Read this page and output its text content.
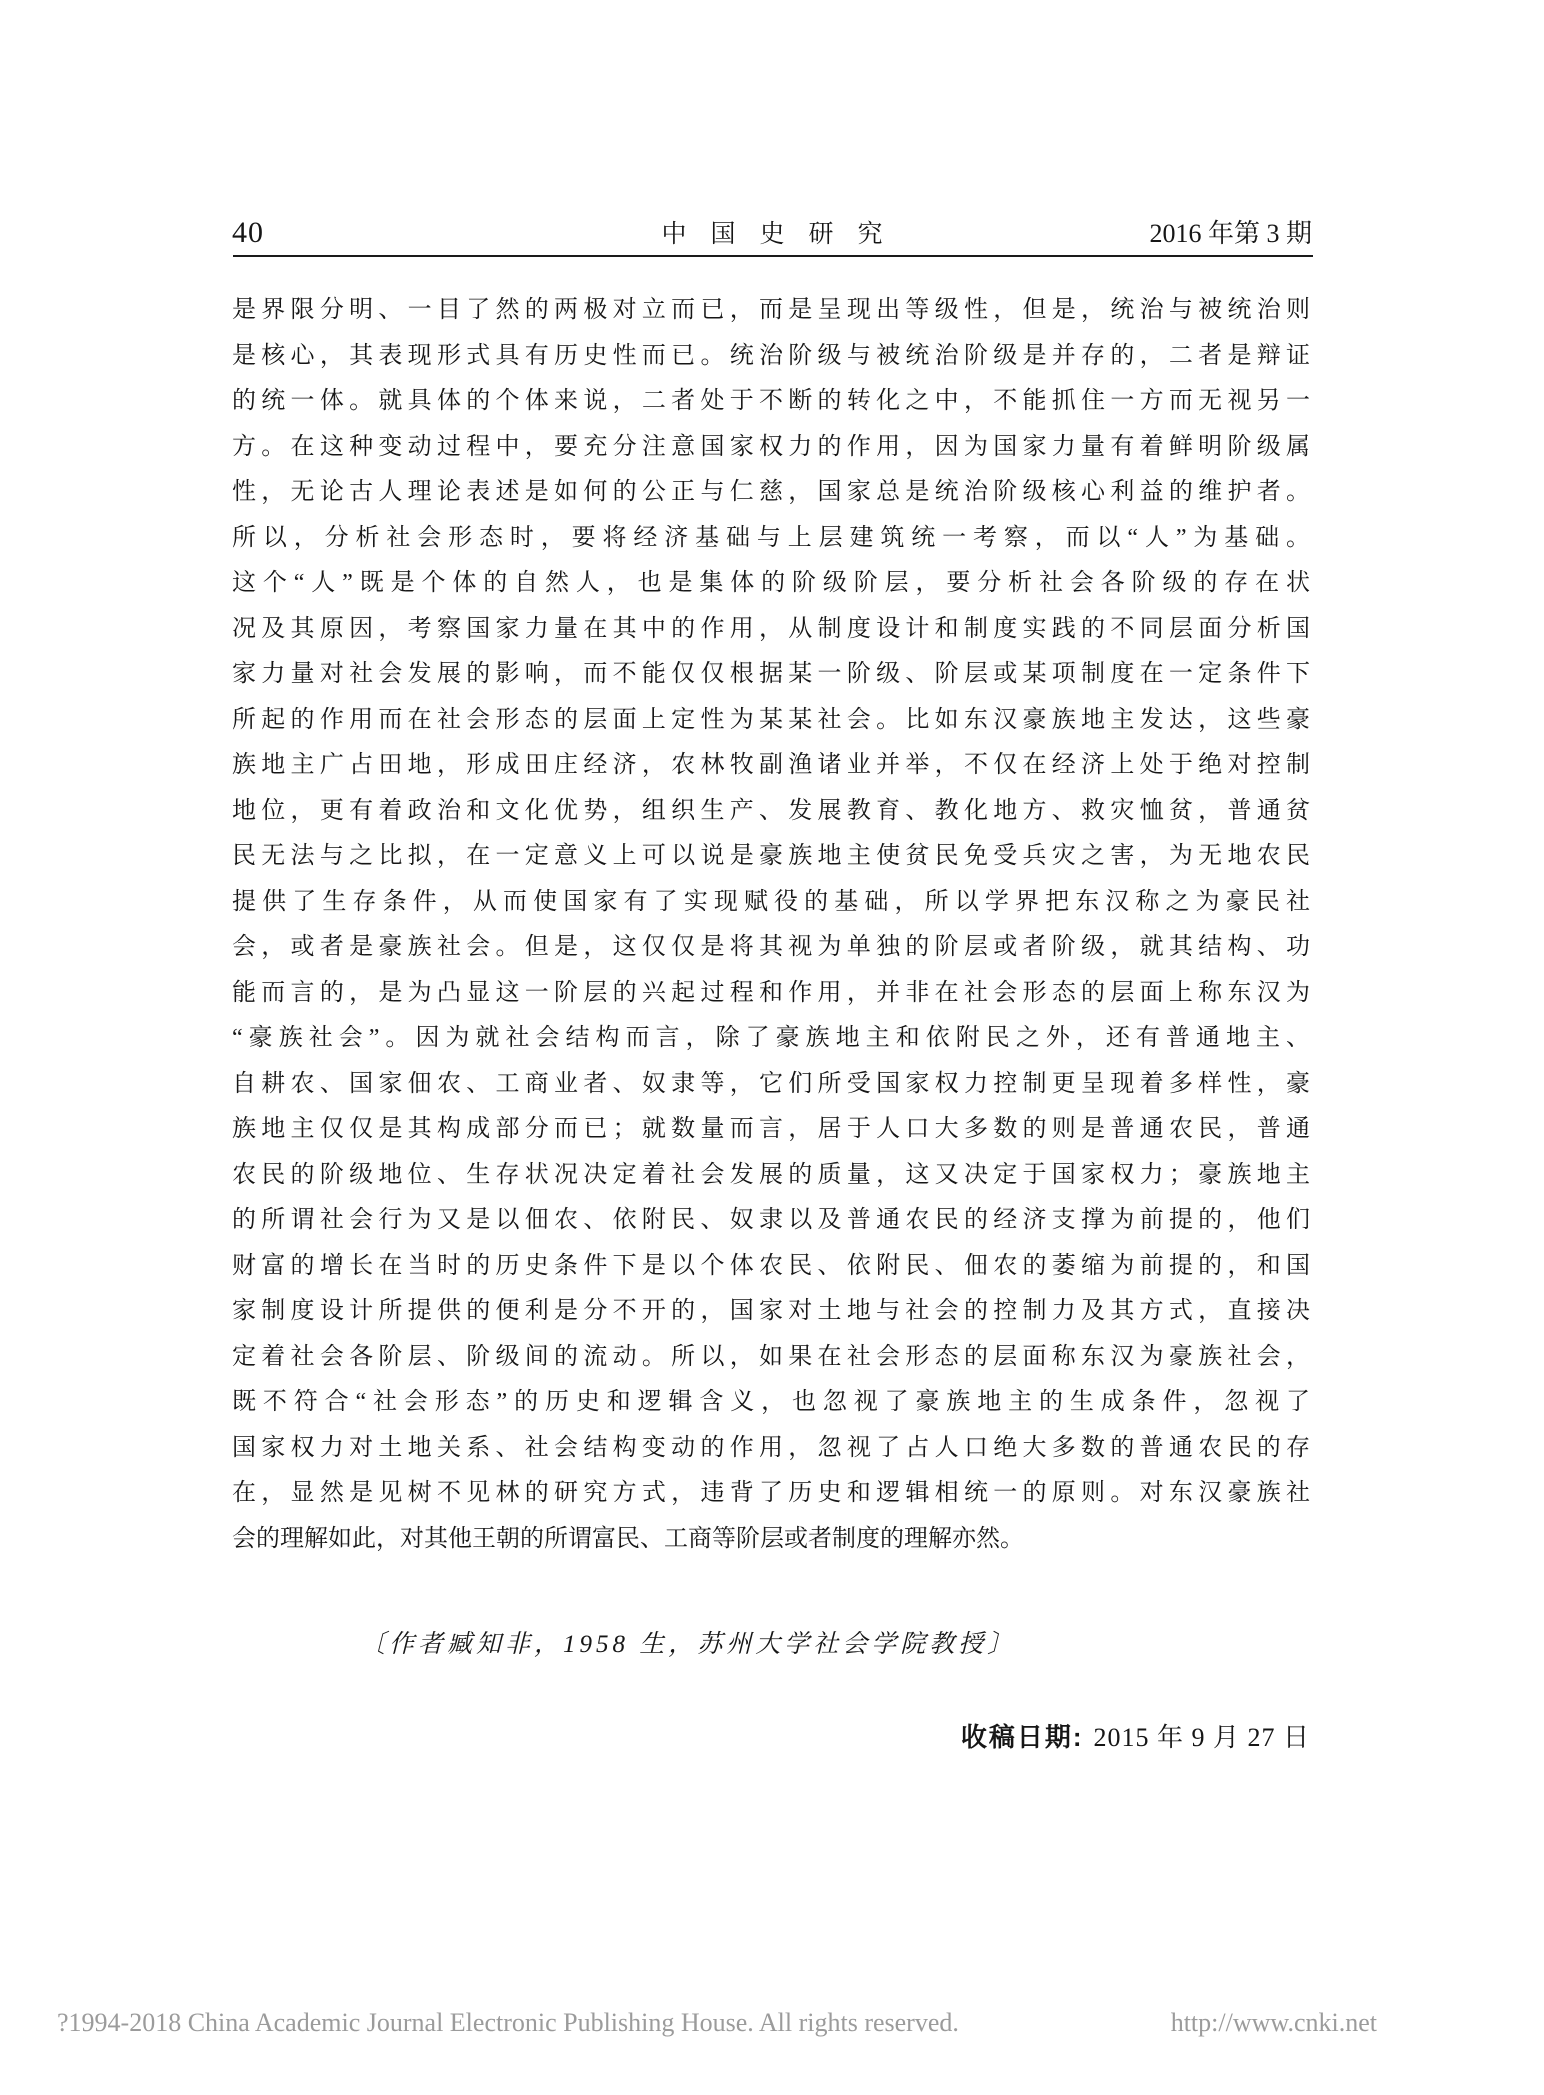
40	中国史研究	2016 年第 3 期
是界限分明、一目了然的两极对立而已，而是呈现出等级性，但是，统治与被统治则
是核心，其表现形式具有历史性而已。统治阶级与被统治阶级是并存的，二者是辩证
的统一体。就具体的个体来说，二者处于不断的转化之中，不能抓住一方而无视另一
方。在这种变动过程中，要充分注意国家权力的作用，因为国家力量有着鲜明阶级属
性，无论古人理论表述是如何的公正与仁慈，国家总是统治阶级核心利益的维护者。
所以，分析社会形态时，要将经济基础与上层建筑统一考察，而以“人”为基础。
这个“人”既是个体的自然人，也是集体的阶级阶层，要分析社会各阶级的存在状
况及其原因，考察国家力量在其中的作用，从制度设计和制度实践的不同层面分析国
家力量对社会发展的影响，而不能仅仅根据某一阶级、阶层或某项制度在一定条件下
所起的作用而在社会形态的层面上定性为某某社会。比如东汉豪族地主发达，这些豪
族地主广占田地，形成田庄经济，农林牧副渔诸业并举，不仅在经济上处于绝对控制
地位，更有着政治和文化优势，组织生产、发展教育、教化地方、救灾恤贫，普通贫
民无法与之比拟，在一定意义上可以说是豪族地主使贫民免受兵灾之害，为无地农民
提供了生存条件，从而使国家有了实现赋役的基础，所以学界把东汉称之为豪民社
会，或者是豪族社会。但是，这仅仅是将其视为单独的阶层或者阶级，就其结构、功
能而言的，是为凸显这一阶层的兴起过程和作用，并非在社会形态的层面上称东汉为
“豪族社会”。因为就社会结构而言，除了豪族地主和依附民之外，还有普通地主、
自耕农、国家佃农、工商业者、奴隶等，它们所受国家权力控制更呈现着多样性，豪
族地主仅仅是其构成部分而已；就数量而言，居于人口大多数的则是普通农民，普通
农民的阶级地位、生存状况决定着社会发展的质量，这又决定于国家权力；豪族地主
的所谓社会行为又是以佃农、依附民、奴隶以及普通农民的经济支撑为前提的，他们
财富的增长在当时的历史条件下是以个体农民、依附民、佃农的萎缩为前提的，和国
家制度设计所提供的便利是分不开的，国家对土地与社会的控制力及其方式，直接决
定着社会各阶层、阶级间的流动。所以，如果在社会形态的层面称东汉为豪族社会，
既不符合“社会形态”的历史和逻辑含义，也忽视了豪族地主的生成条件，忽视了
国家权力对土地关系、社会结构变动的作用，忽视了占人口绝大多数的普通农民的存
在，显然是见树不见林的研究方式，违背了历史和逻辑相统一的原则。对东汉豪族社
会的理解如此，对其他王朝的所谓富民、工商等阶层或者制度的理解亦然。
〔作者臧知非，1958 生，苏州大学社会学院教授〕
收稿日期: 2015 年 9 月 27 日
?1994-2018 China Academic Journal Electronic Publishing House. All rights reserved.	http://www.cnki.net
